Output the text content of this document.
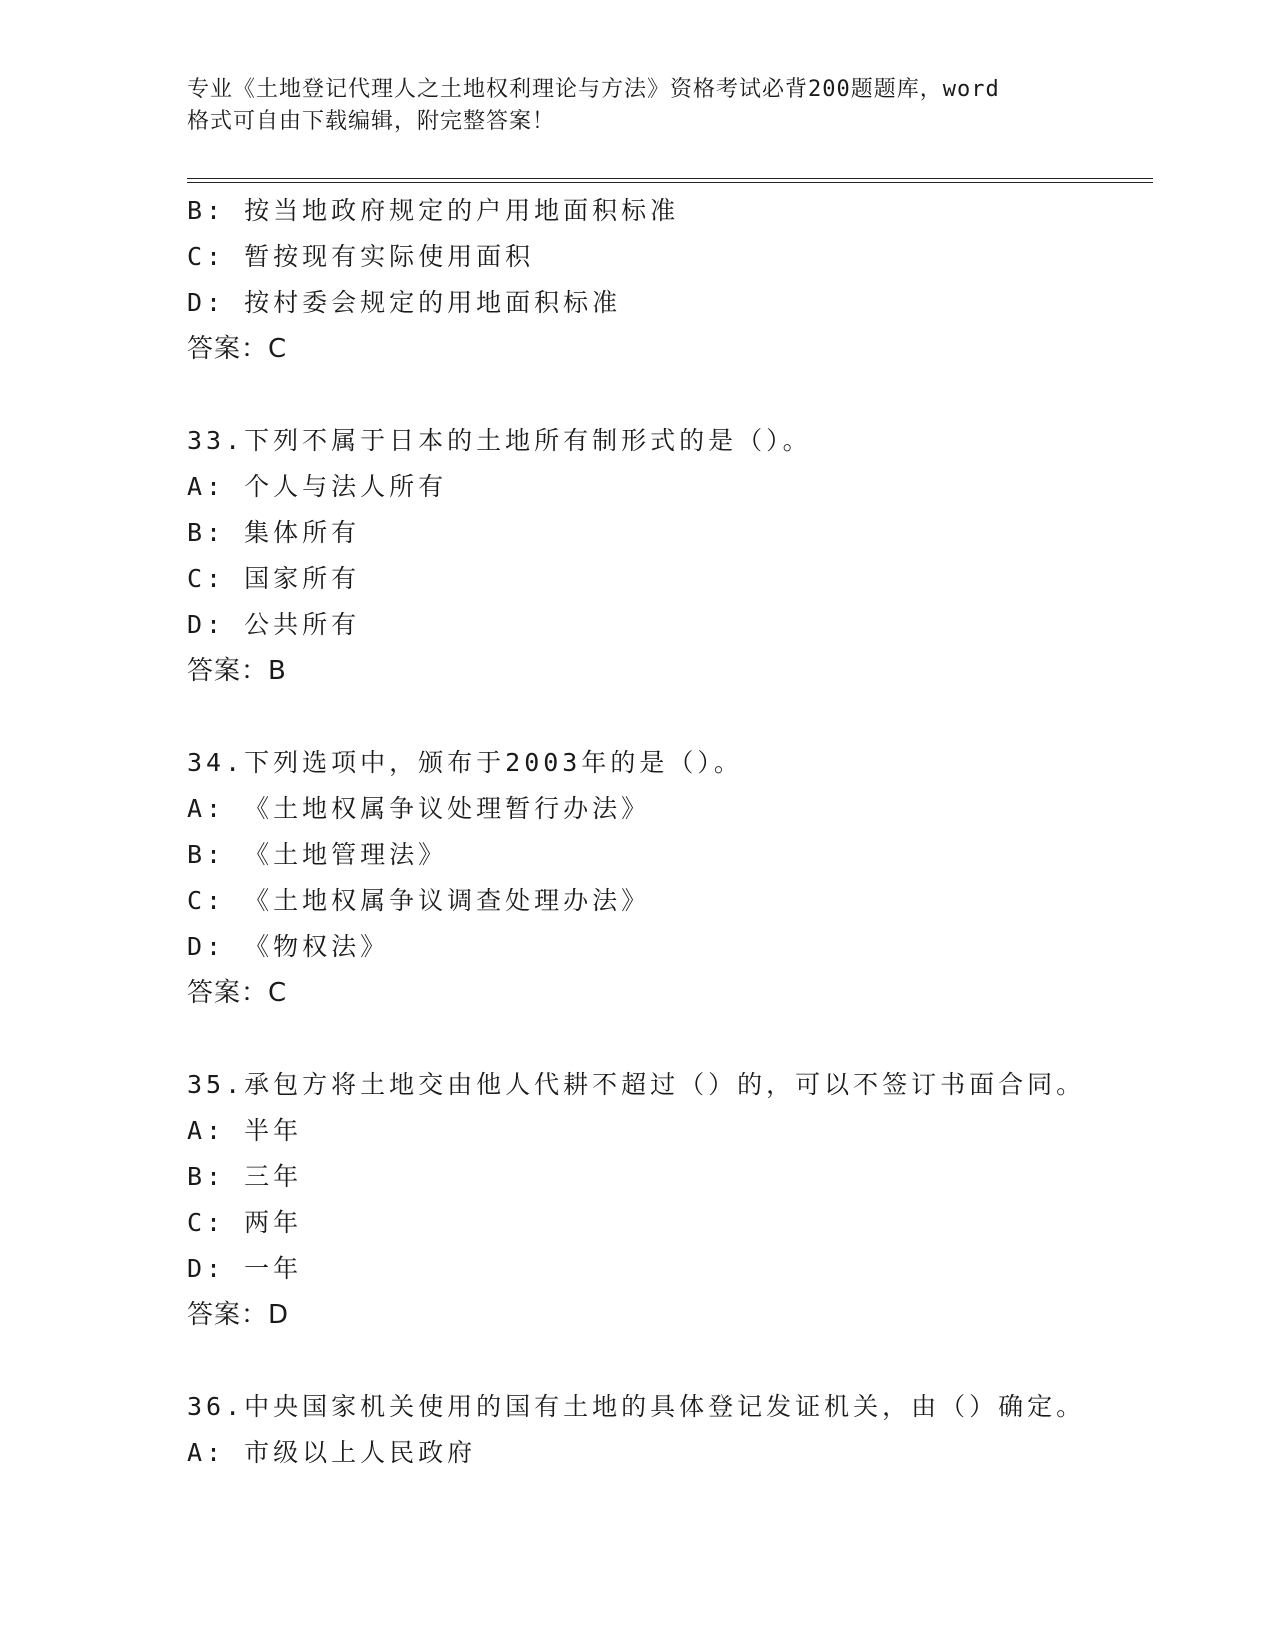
专业《土地登记代理人之土地权利理论与方法》资格考试必背200题题库，word
格式可自由下载编辑，附完整答案！
B: 按当地政府规定的户用地面积标准
C: 暂按现有实际使用面积
D: 按村委会规定的用地面积标准
答案：C
33.下列不属于日本的土地所有制形式的是（）。
A: 个人与法人所有
B: 集体所有
C: 国家所有
D: 公共所有
答案：B
34.下列选项中，颁布于2003年的是（）。
A: 《土地权属争议处理暂行办法》
B: 《土地管理法》
C: 《土地权属争议调查处理办法》
D: 《物权法》
答案：C
35.承包方将土地交由他人代耕不超过（）的，可以不签订书面合同。
A: 半年
B: 三年
C: 两年
D: 一年
答案：D
36.中央国家机关使用的国有土地的具体登记发证机关，由（）确定。
A: 市级以上人民政府
